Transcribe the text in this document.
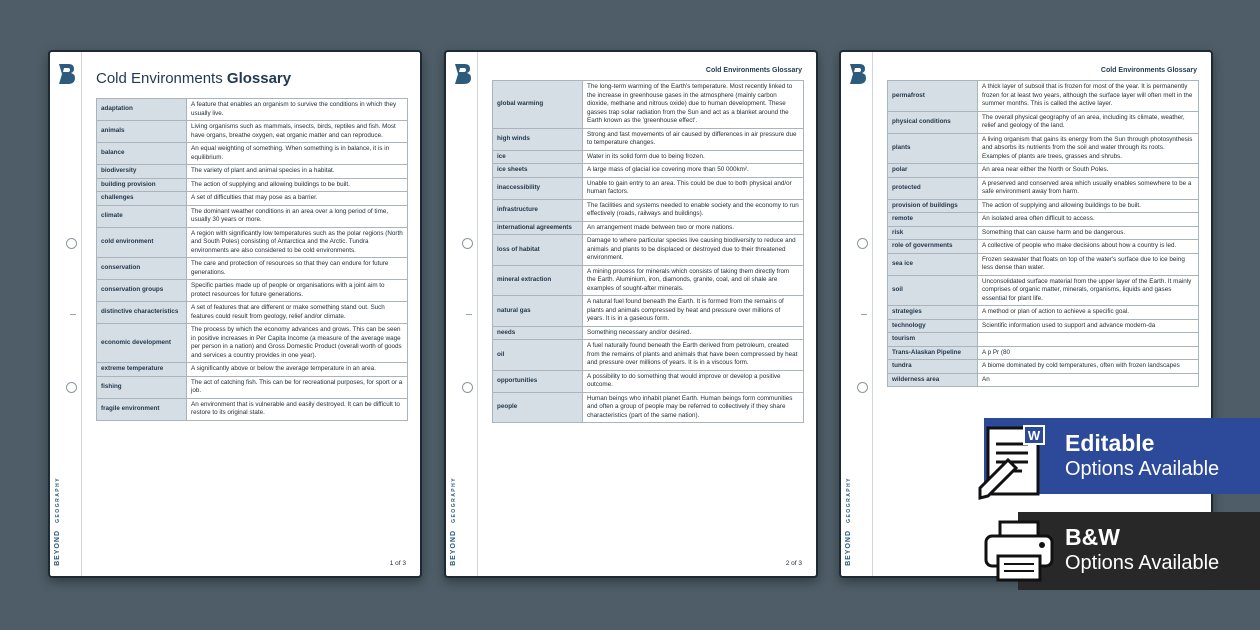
BEYOND GEOGRAPHY
Cold Environments Glossary
adaptation	A feature that enables an organism to survive the conditions in which they usually live.
animals	Living organisms such as mammals, insects, birds, reptiles and fish. Most have organs, breathe oxygen, eat organic matter and can reproduce.
balance	An equal weighting of something. When something is in balance, it is in equilibrium.
biodiversity	The variety of plant and animal species in a habitat.
building provision	The action of supplying and allowing buildings to be built.
challenges	A set of difficulties that may pose as a barrier.
climate	The dominant weather conditions in an area over a long period of time, usually 30 years or more.
cold environment	A region with significantly low temperatures such as the polar regions (North and South Poles) consisting of Antarctica and the Arctic. Tundra environments are also considered to be cold environments.
conservation	The care and protection of resources so that they can endure for future generations.
conservation groups	Specific parties made up of people or organisations with a joint aim to protect resources for future generations.
distinctive characteristics	A set of features that are different or make something stand out. Such features could result from geology, relief and/or climate.
economic development	The process by which the economy advances and grows. This can be seen in positive increases in Per Capita Income (a measure of the average wage per person in a nation) and Gross Domestic Product (overall worth of goods and services a country provides in one year).
extreme temperature	A significantly above or below the average temperature in an area.
fishing	The act of catching fish. This can be for recreational purposes, for sport or a job.
fragile environment	An environment that is vulnerable and easily destroyed. It can be difficult to restore to its original state.
1 of 3	BEYOND GEOGRAPHY
Cold Environments Glossary
global warming	The long-term warming of the Earth's temperature. Most recently linked to the increase in greenhouse gases in the atmosphere (mainly carbon dioxide, methane and nitrous oxide) due to human development. These gasses trap solar radiation from the Sun and act as a blanket around the Earth known as the 'greenhouse effect'.
high winds	Strong and fast movements of air caused by differences in air pressure due to temperature changes.
ice	Water in its solid form due to being frozen.
ice sheets	A large mass of glacial ice covering more than 50 000km².
inaccessibility	Unable to gain entry to an area. This could be due to both physical and/or human factors.
infrastructure	The facilities and systems needed to enable society and the economy to run effectively (roads, railways and buildings).
international agreements	An arrangement made between two or more nations.
loss of habitat	Damage to where particular species live causing biodiversity to reduce and animals and plants to be displaced or destroyed due to their threatened environment.
mineral extraction	A mining process for minerals which consists of taking them directly from the Earth. Aluminium, iron, diamonds, granite, coal, and oil shale are examples of sought-after minerals.
natural gas	A natural fuel found beneath the Earth. It is formed from the remains of plants and animals compressed by heat and pressure over millions of years. It is in a gaseous form.
needs	Something necessary and/or desired.
oil	A fuel naturally found beneath the Earth derived from petroleum, created from the remains of plants and animals that have been compressed by heat and pressure over millions of years. It is in a viscous form.
opportunities	A possibility to do something that would improve or develop a positive outcome.
people	Human beings who inhabit planet Earth. Human beings form communities and often a group of people may be referred to collectively if they share characteristics (part of the same nation).
2 of 3	BEYOND GEOGRAPHY
Cold Environments Glossary
permafrost	A thick layer of subsoil that is frozen for most of the year. It is permanently frozen for at least two years, although the surface layer will often melt in the summer months. This is called the active layer.
physical conditions	The overall physical geography of an area, including its climate, weather, relief and geology of the land.
plants	A living organism that gains its energy from the Sun through photosynthesis and absorbs its nutrients from the soil and water through its roots. Examples of plants are trees, grasses and shrubs.
polar	An area near either the North or South Poles.
protected	A preserved and conserved area which usually enables somewhere to be a safe environment away from harm.
provision of buildings	The action of supplying and allowing buildings to be built.
remote	An isolated area often difficult to access.
risk	Something that can cause harm and be dangerous.
role of governments	A collective of people who make decisions about how a country is led.
sea ice	Frozen seawater that floats on top of the water's surface due to ice being less dense than water.
soil	Unconsolidated surface material from the upper layer of the Earth. It mainly comprises of organic matter, minerals, organisms, liquids and gases essential for plant life.
strategies	A method or plan of action to achieve a specific goal.
technology	Scientific information used to support and advance modern-da
tourism	
Trans-Alaskan Pipeline	A p Pr (80
tundra	A biome dominated by cold temperatures, often with frozen landscapes
wilderness area	An
W Editable
Options Available
B&W
Options Available
